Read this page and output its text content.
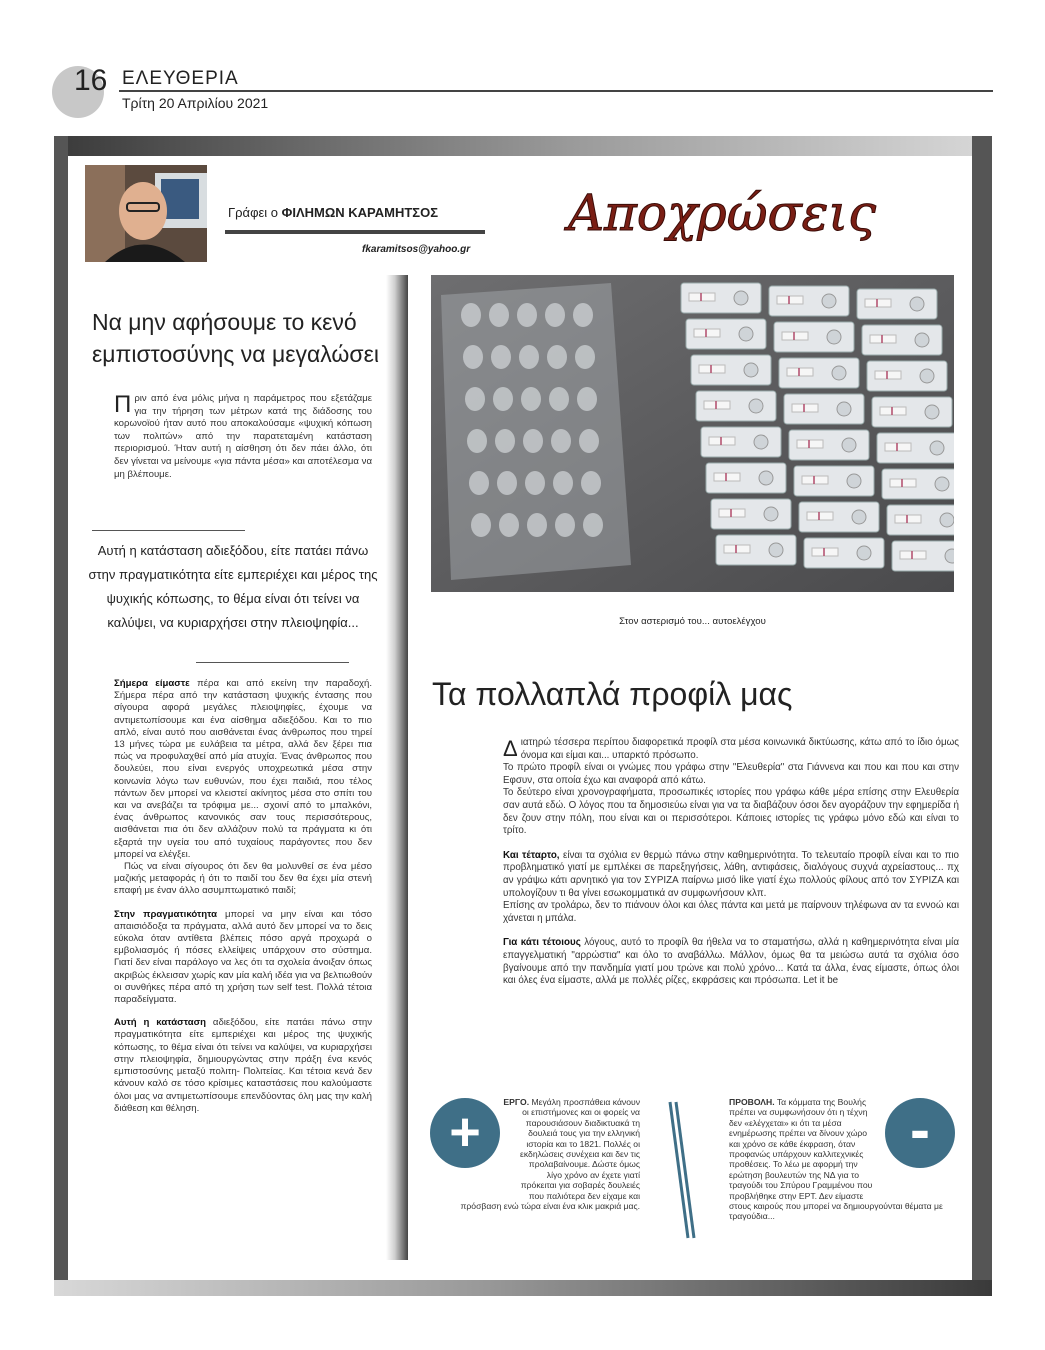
16 ΕΛΕΥΘΕΡΙΑ
Τρίτη 20 Απριλίου 2021
Γράφει ο ΦΙΛΗΜΩΝ ΚΑΡΑΜΗΤΣΟΣ
fkaramitsos@yahoo.gr
Αποχρώσεις
Να μην αφήσουμε το κενό εμπιστοσύνης να μεγαλώσει
Πριν από ένα μόλις μήνα η παράμετρος που εξετάζαμε για την τήρηση των μέτρων κατά της διάδοσης του κορωνοϊού ήταν αυτό που αποκαλούσαμε «ψυχική κόπωση των πολιτών» από την παρατεταμένη κατάσταση περιορισμού. Ήταν αυτή η αίσθηση ότι δεν πάει άλλο, ότι δεν γίνεται να μείνουμε «για πάντα μέσα» και αποτέλεσμα να μη βλέπουμε.
Αυτή η κατάσταση αδιεξόδου, είτε πατάει πάνω στην πραγματικότητα είτε εμπεριέχει και μέρος της ψυχικής κόπωσης, το θέμα είναι ότι τείνει να καλύψει, να κυριαρχήσει στην πλειοψηφία...

Σήμερα είμαστε πέρα και από εκείνη την παραδοχή. Σήμερα πέρα από την κατάσταση ψυχικής έντασης που σίγουρα αφορά μεγάλες πλειοψηφίες, έχουμε να αντιμετωπίσουμε και ένα αίσθημα αδιεξόδου. Και το πιο απλό, είναι αυτό που αισθάνεται ένας άνθρωπος που τηρεί 13 μήνες τώρα με ευλάβεια τα μέτρα, αλλά δεν ξέρει πια πώς να προφυλαχθεί από μία ατυχία. Ένας άνθρωπος που δουλεύει, που είναι ενεργός υποχρεωτικά μέσα στην κοινωνία λόγω των ευθυνών, που έχει παιδιά, που τέλος πάντων δεν μπορεί να κλειστεί ακίνητος μέσα στο σπίτι του και να ανεβάζει τα τρόφιμα με... σχοινί από το μπαλκόνι, ένας άνθρωπος κανονικός σαν τους περισσότερους, αισθάνεται πια ότι δεν αλλάζουν πολύ τα πράγματα κι ότι εξαρτά την υγεία του από τυχαίους παράγοντες που δεν μπορεί να ελέγξει.

Πώς να είναι σίγουρος ότι δεν θα μολυνθεί σε ένα μέσο μαζικής μεταφοράς ή ότι το παιδί του δεν θα έχει μία στενή επαφή με έναν άλλο ασυμπτωματικό παιδί;

Στην πραγματικότητα μπορεί να μην είναι και τόσο απαισιόδοξα τα πράγματα, αλλά αυτό δεν μπορεί να το δεις εύκολα όταν αντίθετα βλέπεις πόσο αργά προχωρά ο εμβολιασμός ή πόσες ελλείψεις υπάρχουν στο σύστημα. Γιατί δεν είναι παράλογο να λες ότι τα σχολεία άνοιξαν όπως ακριβώς έκλεισαν χωρίς καν μία καλή ιδέα για να βελτιωθούν οι συνθήκες πέρα από τη χρήση των self test. Πολλά τέτοια παραδείγματα.

Αυτή η κατάσταση αδιεξόδου, είτε πατάει πάνω στην πραγματικότητα είτε εμπεριέχει και μέρος της ψυχικής κόπωσης, το θέμα είναι ότι τείνει να καλύψει, να κυριαρχήσει στην πλειοψηφία, δημιουργώντας στην πράξη ένα κενός εμπιστοσύνης μεταξύ πολιτη- Πολιτείας. Και τέτοια κενά δεν κάνουν καλό σε τόσο κρίσιμες καταστάσεις που καλούμαστε όλοι μας να αντιμετωπίσουμε επενδύοντας όλη μας την καλή διάθεση και θέληση.

Στον αστερισμό του... αυτοελέγχου
Τα πολλαπλά προφίλ μας

Διατηρώ τέσσερα περίπου διαφορετικά προφίλ στα μέσα κοινωνικά δικτύωσης, κάτω από το ίδιο όμως όνομα και είμαι και... υπαρκτό πρόσωπο.
Το πρώτο προφίλ είναι οι γνώμες που γράφω στην "Ελευθερία" στα Γιάννενα και που και που και στην Εφσυν, στα οποία έχω και αναφορά από κάτω.
Το δεύτερο είναι χρονογραφήματα, προσωπικές ιστορίες που γράφω κάθε μέρα επίσης στην Ελευθερία σαν αυτά εδώ. Ο λόγος που τα δημοσιεύω είναι για να τα διαβάζουν όσοι δεν αγοράζουν την εφημερίδα ή δεν ζουν στην πόλη, που είναι και οι περισσότεροι. Κάποιες ιστορίες τις γράφω μόνο εδώ και είναι το τρίτο.

Και τέταρτο, είναι τα σχόλια εν θερμώ πάνω στην καθημερινότητα. Το τελευταίο προφίλ είναι και το πιο προβληματικό γιατί με εμπλέκει σε παρεξηγήσεις, λάθη, αντιφάσεις, διαλόγους συχνά αχρείαστους... πχ αν γράψω κάτι αρνητικό για τον ΣΥΡΙΖΑ παίρνω μισό like γιατί έχω πολλούς φίλους από τον ΣΥΡΙΖΑ και υπολογίζουν τι θα γίνει εσωκομματικά αν συμφωνήσουν κλπ.
Επίσης αν τρολάρω, δεν το πιάνουν όλοι και όλες πάντα και μετά με παίρνουν τηλέφωνα αν τα εννοώ και χάνεται η μπάλα.

Για κάτι τέτοιους λόγους, αυτό το προφίλ θα ήθελα να το σταματήσω, αλλά η καθημερινότητα είναι μία επαγγελματική "αρρώστια" και όλο το αναβάλλω. Μάλλον, όμως θα τα μειώσω αυτά τα σχόλια όσο βγαίνουμε από την πανδημία γιατί μου τρώνε και πολύ χρόνο... Κατά τα άλλα, ένας είμαστε, όπως όλοι και όλες ένα είμαστε, αλλά με πολλές ρίζες, εκφράσεις και πρόσωπα. Let it be

ΕΡΓΟ. Μεγάλη προσπάθεια κάνουν οι επιστήμονες και οι φορείς να παρουσιάσουν διαδικτυακά τη δουλειά τους για την ελληνική ιστορία και το 1821. Πολλές οι εκδηλώσεις συνέχεια και δεν τις προλαβαίνουμε. Δώστε όμως λίγο χρόνο αν έχετε γιατί πρόκειται για σοβαρές δουλειές που παλιότερα δεν είχαμε και πρόσβαση ενώ τώρα είναι ένα κλικ μακριά μας.
+	ΠΡΟΒΟΛΗ. Τα κόμματα της Βουλής πρέπει να συμφωνήσουν ότι η τέχνη δεν «ελέγχεται» κι ότι τα μέσα ενημέρωσης πρέπει να δίνουν χώρο και χρόνο σε κάθε έκφραση, όταν προφανώς υπάρχουν καλλιτεχνικές προθέσεις. Το λέω με αφορμή την ερώτηση βουλευτών της ΝΔ για το τραγούδι του Σπύρου Γραμμένου που προβλήθηκε στην ΕΡΤ. Δεν είμαστε στους καιρούς που μπορεί να δημιουργούνται θέματα με τραγούδια...
-
